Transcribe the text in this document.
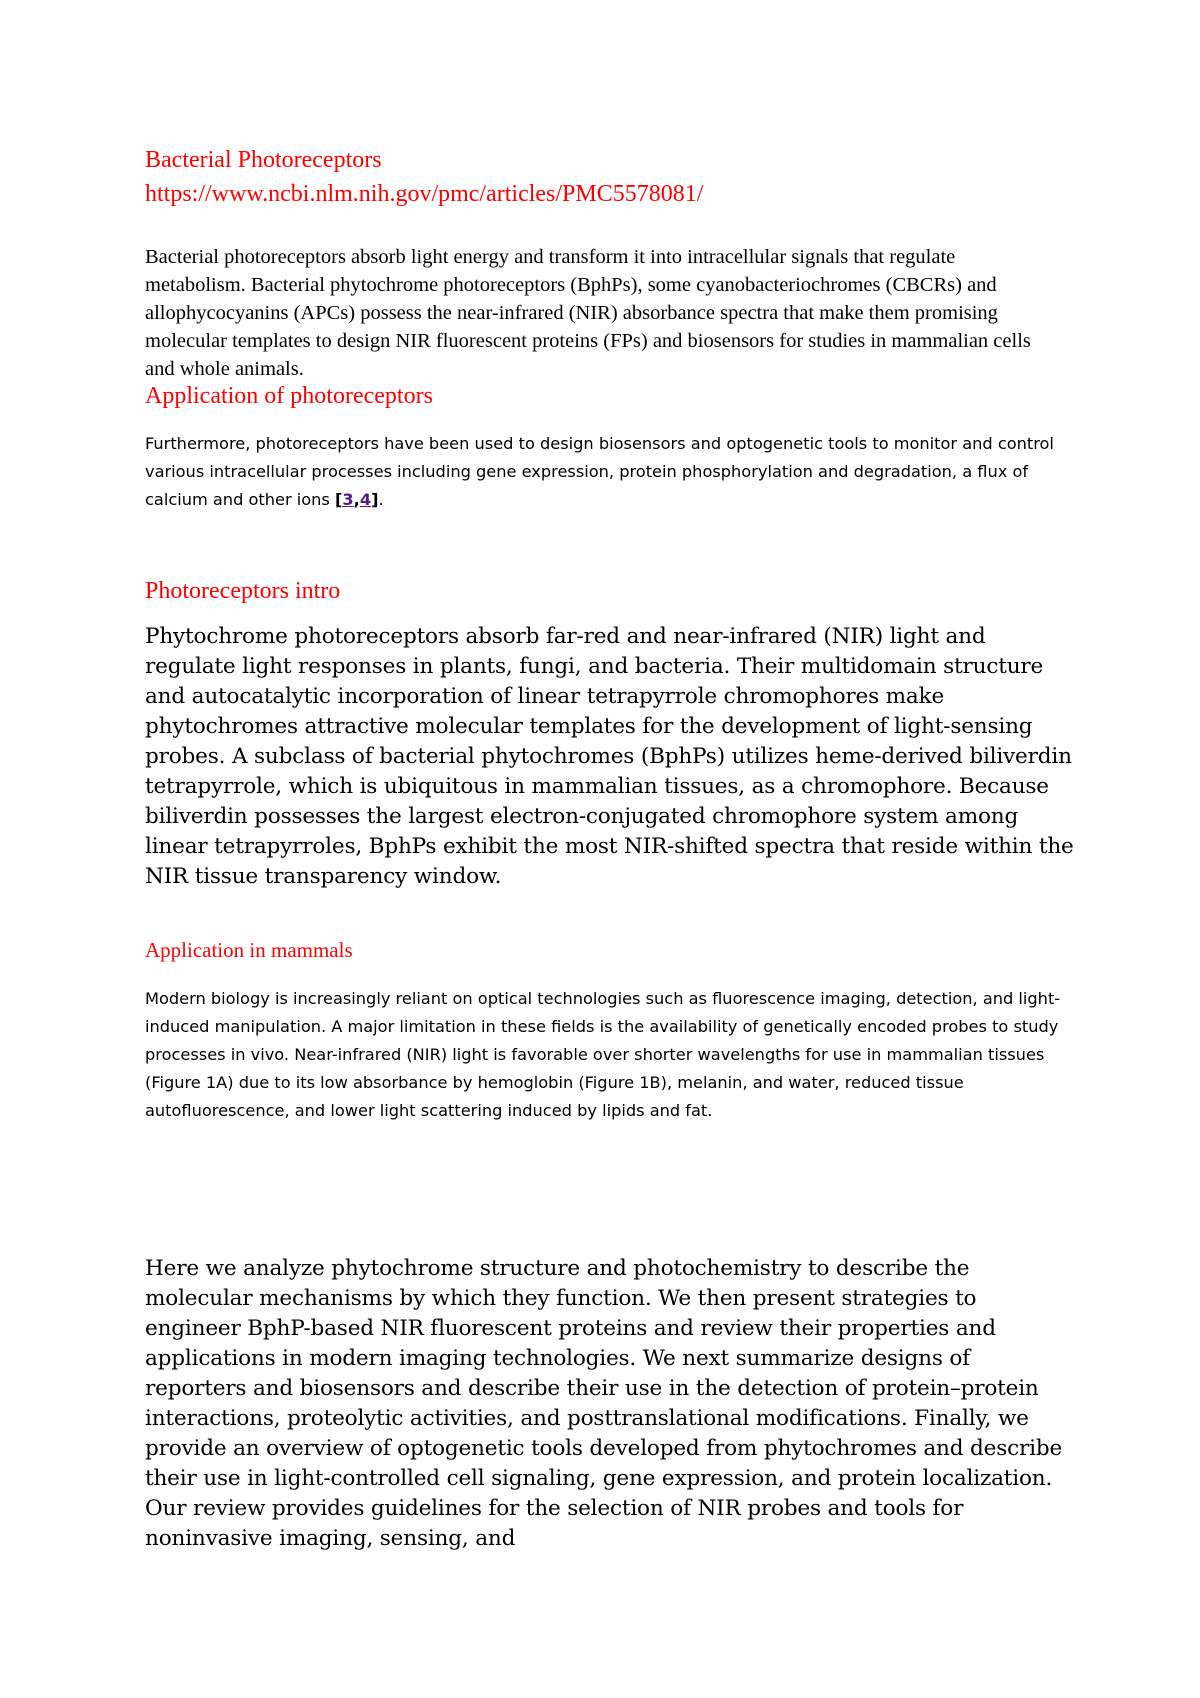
Bacterial Photoreceptors
https://www.ncbi.nlm.nih.gov/pmc/articles/PMC5578081/

Bacterial photoreceptors absorb light energy and transform it into intracellular signals that regulate metabolism. Bacterial phytochrome photoreceptors (BphPs), some cyanobacteriochromes (CBCRs) and allophycocyanins (APCs) possess the near-infrared (NIR) absorbance spectra that make them promising molecular templates to design NIR fluorescent proteins (FPs) and biosensors for studies in mammalian cells and whole animals.

Application of photoreceptors

Furthermore, photoreceptors have been used to design biosensors and optogenetic tools to monitor and control various intracellular processes including gene expression, protein phosphorylation and degradation, a flux of calcium and other ions [3,4].

Photoreceptors intro

Phytochrome photoreceptors absorb far-red and near-infrared (NIR) light and regulate light responses in plants, fungi, and bacteria. Their multidomain structure and autocatalytic incorporation of linear tetrapyrrole chromophores make phytochromes attractive molecular templates for the development of light-sensing probes. A subclass of bacterial phytochromes (BphPs) utilizes heme-derived biliverdin tetrapyrrole, which is ubiquitous in mammalian tissues, as a chromophore. Because biliverdin possesses the largest electron-conjugated chromophore system among linear tetrapyrroles, BphPs exhibit the most NIR-shifted spectra that reside within the NIR tissue transparency window.

Application in mammals

Modern biology is increasingly reliant on optical technologies such as fluorescence imaging, detection, and light-induced manipulation. A major limitation in these fields is the availability of genetically encoded probes to study processes in vivo. Near-infrared (NIR) light is favorable over shorter wavelengths for use in mammalian tissues (Figure 1A) due to its low absorbance by hemoglobin (Figure 1B), melanin, and water, reduced tissue autofluorescence, and lower light scattering induced by lipids and fat.

Here we analyze phytochrome structure and photochemistry to describe the molecular mechanisms by which they function. We then present strategies to engineer BphP-based NIR fluorescent proteins and review their properties and applications in modern imaging technologies. We next summarize designs of reporters and biosensors and describe their use in the detection of protein–protein interactions, proteolytic activities, and posttranslational modifications. Finally, we provide an overview of optogenetic tools developed from phytochromes and describe their use in light-controlled cell signaling, gene expression, and protein localization. Our review provides guidelines for the selection of NIR probes and tools for noninvasive imaging, sensing, and
